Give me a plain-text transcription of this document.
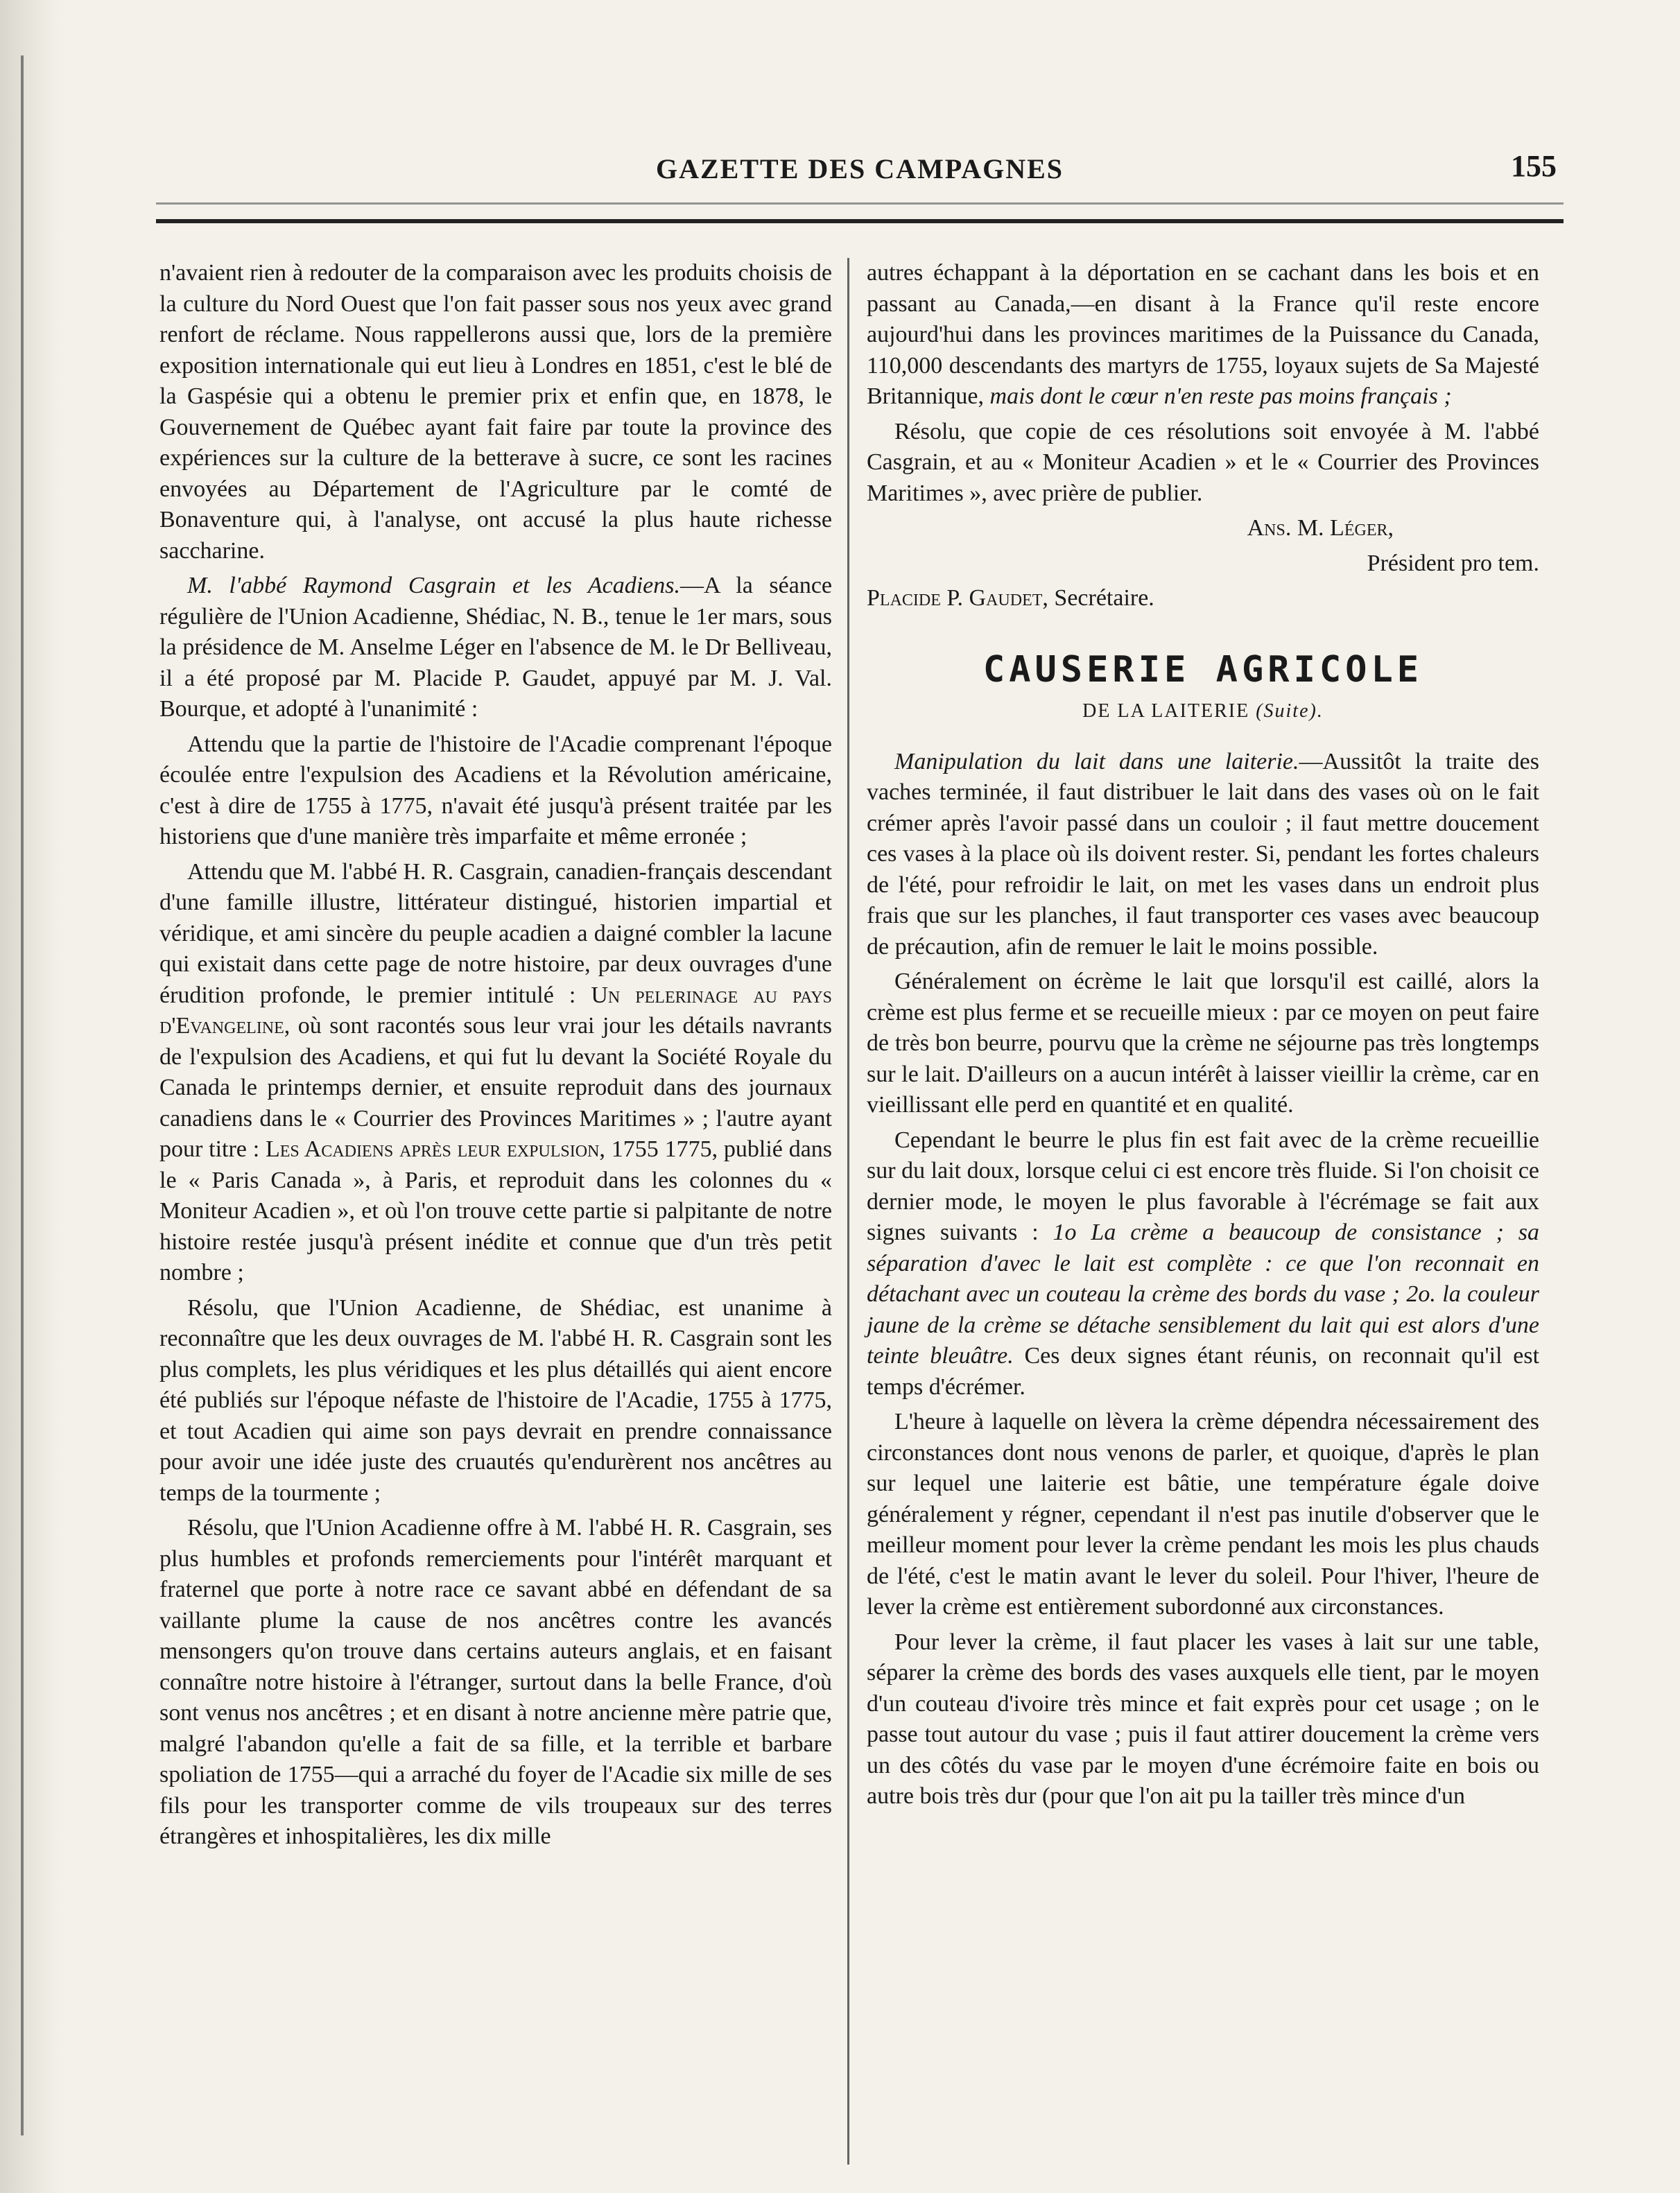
GAZETTE DES CAMPAGNES	155

n'avaient rien à redouter de la comparaison avec les produits choisis de la culture du Nord Ouest que l'on fait passer sous nos yeux avec grand renfort de réclame. Nous rappellerons aussi que, lors de la première exposition internationale qui eut lieu à Londres en 1851, c'est le blé de la Gaspésie qui a obtenu le premier prix et enfin que, en 1878, le Gouvernement de Québec ayant fait faire par toute la province des expériences sur la culture de la betterave à sucre, ce sont les racines envoyées au Département de l'Agriculture par le comté de Bonaventure qui, à l'analyse, ont accusé la plus haute richesse saccharine.

M. l'abbé Raymond Casgrain et les Acadiens.—A la séance régulière de l'Union Acadienne, Shédiac, N. B., tenue le 1er mars, sous la présidence de M. Anselme Léger en l'absence de M. le Dr Belliveau, il a été proposé par M. Placide P. Gaudet, appuyé par M. J. Val. Bourque, et adopté à l'unanimité :

Attendu que la partie de l'histoire de l'Acadie comprenant l'époque écoulée entre l'expulsion des Acadiens et la Révolution américaine, c'est à dire de 1755 à 1775, n'avait été jusqu'à présent traitée par les historiens que d'une manière très imparfaite et même erronée ;

Attendu que M. l'abbé H. R. Casgrain, canadien-français descendant d'une famille illustre, littérateur distingué, historien impartial et véridique, et ami sincère du peuple acadien a daigné combler la lacune qui existait dans cette page de notre histoire, par deux ouvrages d'une érudition profonde, le premier intitulé : Un pelerinage au pays d'Evangeline, où sont racontés sous leur vrai jour les détails navrants de l'expulsion des Acadiens, et qui fut lu devant la Société Royale du Canada le printemps dernier, et ensuite reproduit dans des journaux canadiens dans le « Courrier des Provinces Maritimes » ; l'autre ayant pour titre : Les Acadiens après leur expulsion, 1755 1775, publié dans le « Paris Canada », à Paris, et reproduit dans les colonnes du « Moniteur Acadien », et où l'on trouve cette partie si palpitante de notre histoire restée jusqu'à présent inédite et connue que d'un très petit nombre ;

Résolu, que l'Union Acadienne, de Shédiac, est unanime à reconnaître que les deux ouvrages de M. l'abbé H. R. Casgrain sont les plus complets, les plus véridiques et les plus détaillés qui aient encore été publiés sur l'époque néfaste de l'histoire de l'Acadie, 1755 à 1775, et tout Acadien qui aime son pays devrait en prendre connaissance pour avoir une idée juste des cruautés qu'endurèrent nos ancêtres au temps de la tourmente ;

Résolu, que l'Union Acadienne offre à M. l'abbé H. R. Casgrain, ses plus humbles et profonds remerciements pour l'intérêt marquant et fraternel que porte à notre race ce savant abbé en défendant de sa vaillante plume la cause de nos ancêtres contre les avancés mensongers qu'on trouve dans certains auteurs anglais, et en faisant connaître notre histoire à l'étranger, surtout dans la belle France, d'où sont venus nos ancêtres ; et en disant à notre ancienne mère patrie que, malgré l'abandon qu'elle a fait de sa fille, et la terrible et barbare spoliation de 1755—qui a arraché du foyer de l'Acadie six mille de ses fils pour les transporter comme de vils troupeaux sur des terres étrangères et inhospitalières, les dix mille

autres échappant à la déportation en se cachant dans les bois et en passant au Canada,—en disant à la France qu'il reste encore aujourd'hui dans les provinces maritimes de la Puissance du Canada, 110,000 descendants des martyrs de 1755, loyaux sujets de Sa Majesté Britannique, mais dont le cœur n'en reste pas moins français ;

Résolu, que copie de ces résolutions soit envoyée à M. l'abbé Casgrain, et au « Moniteur Acadien » et le « Courrier des Provinces Maritimes », avec prière de publier.

Ans. M. Léger,

Président pro tem.

Placide P. Gaudet, Secrétaire.

CAUSERIE AGRICOLE
DE LA LAITERIE (Suite).

Manipulation du lait dans une laiterie.—Aussitôt la traite des vaches terminée, il faut distribuer le lait dans des vases où on le fait crémer après l'avoir passé dans un couloir ; il faut mettre doucement ces vases à la place où ils doivent rester. Si, pendant les fortes chaleurs de l'été, pour refroidir le lait, on met les vases dans un endroit plus frais que sur les planches, il faut transporter ces vases avec beaucoup de précaution, afin de remuer le lait le moins possible.

Généralement on écrème le lait que lorsqu'il est caillé, alors la crème est plus ferme et se recueille mieux : par ce moyen on peut faire de très bon beurre, pourvu que la crème ne séjourne pas très longtemps sur le lait. D'ailleurs on a aucun intérêt à laisser vieillir la crème, car en vieillissant elle perd en quantité et en qualité.

Cependant le beurre le plus fin est fait avec de la crème recueillie sur du lait doux, lorsque celui ci est encore très fluide. Si l'on choisit ce dernier mode, le moyen le plus favorable à l'écrémage se fait aux signes suivants : 1o La crème a beaucoup de consistance ; sa séparation d'avec le lait est complète : ce que l'on reconnait en détachant avec un couteau la crème des bords du vase ; 2o. la couleur jaune de la crème se détache sensiblement du lait qui est alors d'une teinte bleuâtre. Ces deux signes étant réunis, on reconnait qu'il est temps d'écrémer.

L'heure à laquelle on lèvera la crème dépendra nécessairement des circonstances dont nous venons de parler, et quoique, d'après le plan sur lequel une laiterie est bâtie, une température égale doive généralement y régner, cependant il n'est pas inutile d'observer que le meilleur moment pour lever la crème pendant les mois les plus chauds de l'été, c'est le matin avant le lever du soleil. Pour l'hiver, l'heure de lever la crème est entièrement subordonné aux circonstances.

Pour lever la crème, il faut placer les vases à lait sur une table, séparer la crème des bords des vases auxquels elle tient, par le moyen d'un couteau d'ivoire très mince et fait exprès pour cet usage ; on le passe tout autour du vase ; puis il faut attirer doucement la crème vers un des côtés du vase par le moyen d'une écrémoire faite en bois ou autre bois très dur (pour que l'on ait pu la tailler très mince d'un
